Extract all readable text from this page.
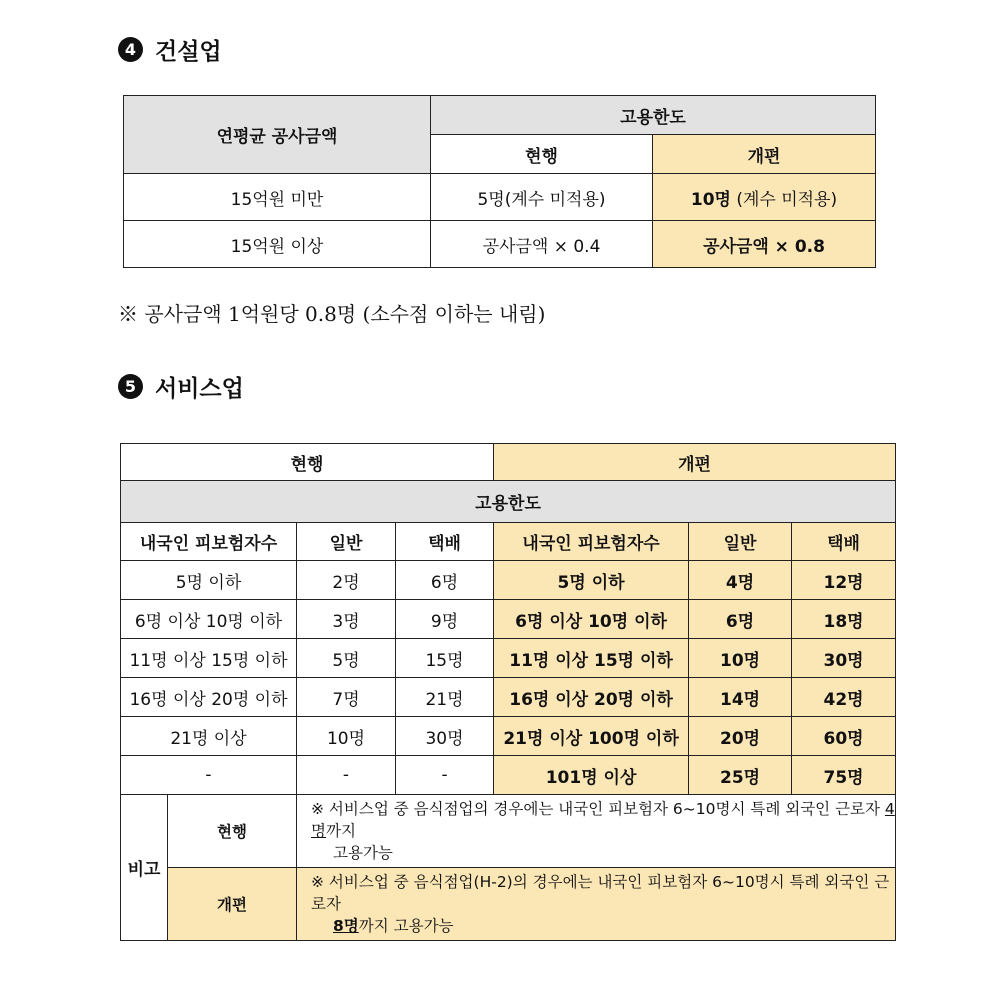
4 건설업
연평균 공사금액	고용한도	
	현행	개편
15억원 미만	5명(계수 미적용)	10명 (계수 미적용)
15억원 이상	공사금액 × 0.4	공사금액 × 0.8
※ 공사금액 1억원당 0.8명 (소수점 이하는 내림)
5 서비스업
현행				개편		
고용한도						
내국인 피보험자수		일반	택배	내국인 피보험자수	일반	택배
5명 이하		2명	6명	5명 이하	4명	12명
6명 이상 10명 이하		3명	9명	6명 이상 10명 이하	6명	18명
11명 이상 15명 이하		5명	15명	11명 이상 15명 이하	10명	30명
16명 이상 20명 이하		7명	21명	16명 이상 20명 이하	14명	42명
21명 이상		10명	30명	21명 이상 100명 이하	20명	60명
-		-	-	101명 이상	25명	75명
비고	현행	※ 서비스업 중 음식점업의 경우에는 내국인 피보험자 6~10명시 특례 외국인 근로자 4명까지
고용가능				

	개편	※ 서비스업 중 음식점업(H-2)의 경우에는 내국인 피보험자 6~10명시 특례 외국인 근로자
8명까지 고용가능				
